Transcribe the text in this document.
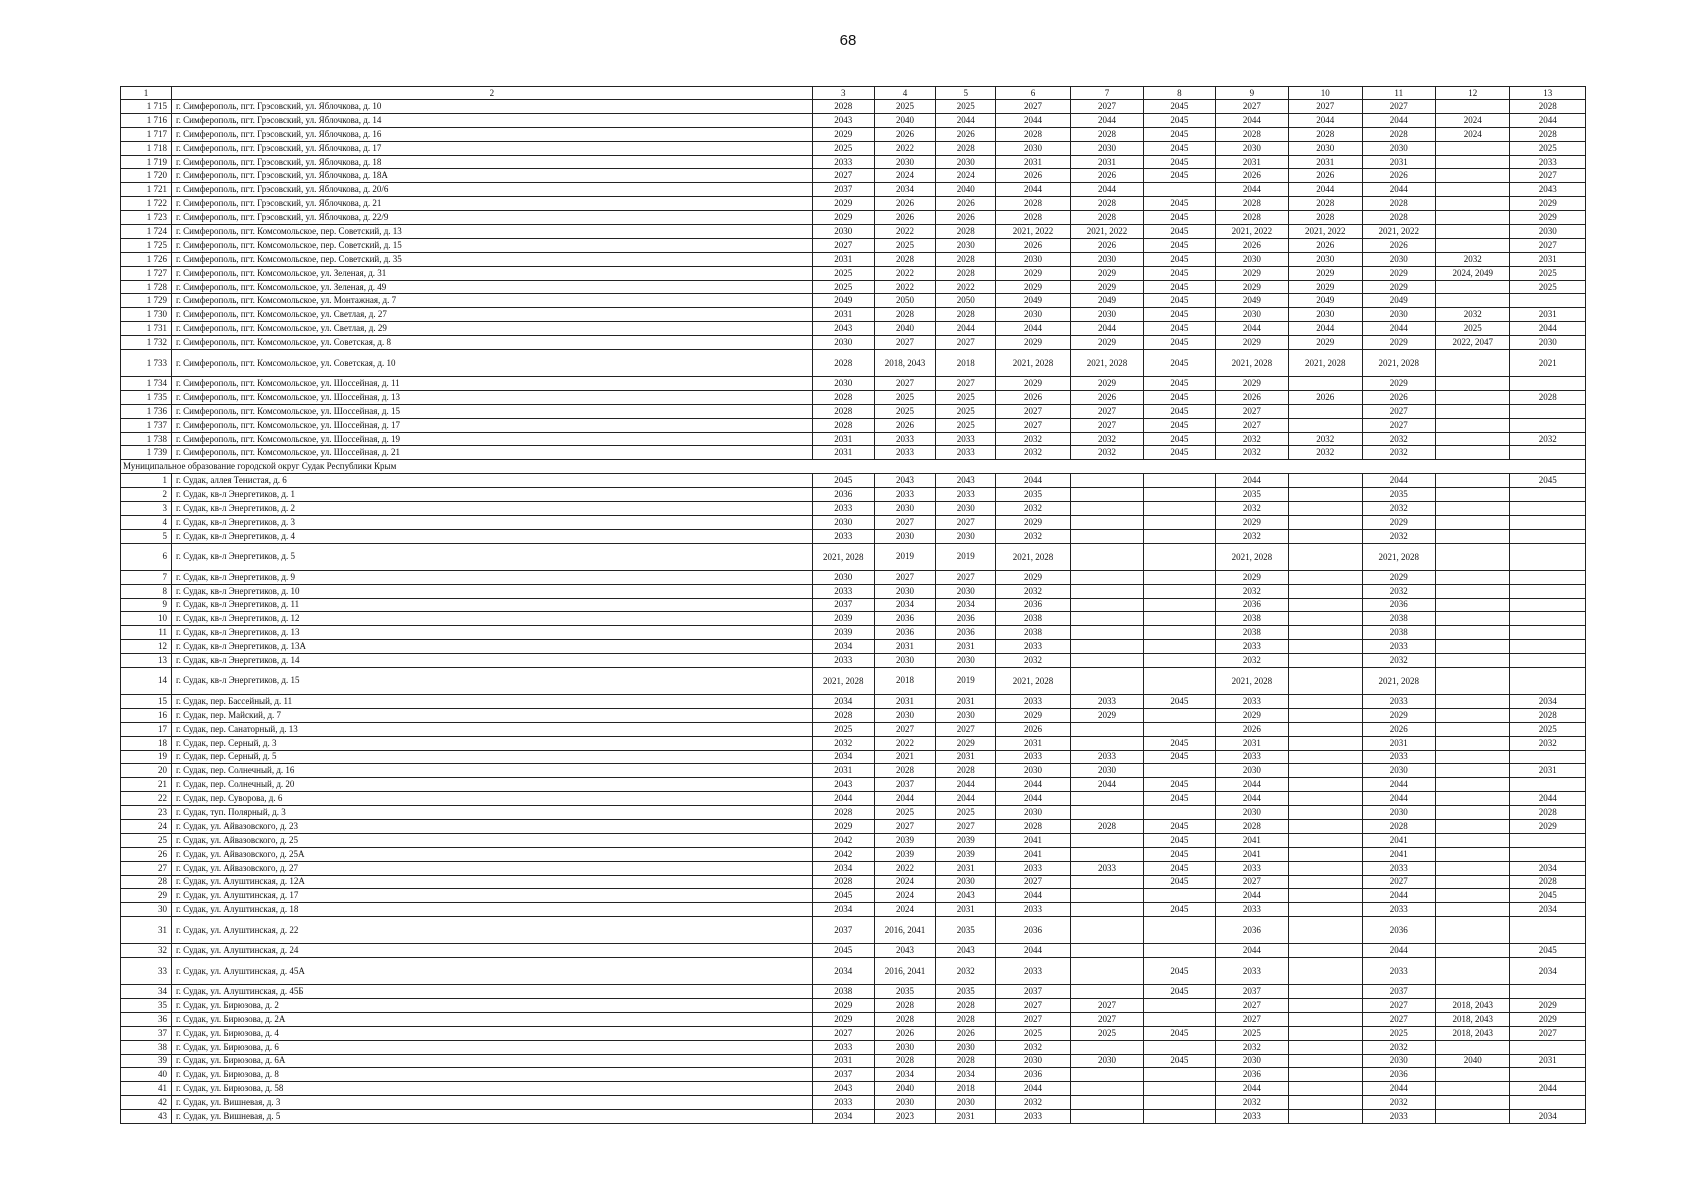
68
1	2	3	4	5	6	7	8	9	10	11	12	13
1 715	г. Симферополь, пгт. Грэсовский, ул. Яблочкова, д. 10	2028	2025	2025	2027	2027	2045	2027	2027	2027		2028
1 716	г. Симферополь, пгт. Грэсовский, ул. Яблочкова, д. 14	2043	2040	2044	2044	2044	2045	2044	2044	2044	2024	2044
1 717	г. Симферополь, пгт. Грэсовский, ул. Яблочкова, д. 16	2029	2026	2026	2028	2028	2045	2028	2028	2028	2024	2028
1 718	г. Симферополь, пгт. Грэсовский, ул. Яблочкова, д. 17	2025	2022	2028	2030	2030	2045	2030	2030	2030		2025
1 719	г. Симферополь, пгт. Грэсовский, ул. Яблочкова, д. 18	2033	2030	2030	2031	2031	2045	2031	2031	2031		2033
1 720	г. Симферополь, пгт. Грэсовский, ул. Яблочкова, д. 18А	2027	2024	2024	2026	2026	2045	2026	2026	2026		2027
1 721	г. Симферополь, пгт. Грэсовский, ул. Яблочкова, д. 20/6	2037	2034	2040	2044	2044		2044	2044	2044		2043
1 722	г. Симферополь, пгт. Грэсовский, ул. Яблочкова, д. 21	2029	2026	2026	2028	2028	2045	2028	2028	2028		2029
1 723	г. Симферополь, пгт. Грэсовский, ул. Яблочкова, д. 22/9	2029	2026	2026	2028	2028	2045	2028	2028	2028		2029
1 724	г. Симферополь, пгт. Комсомольское, пер. Советский, д. 13	2030	2022	2028	2021, 2022	2021, 2022	2045	2021, 2022	2021, 2022	2021, 2022		2030
1 725	г. Симферополь, пгт. Комсомольское, пер. Советский, д. 15	2027	2025	2030	2026	2026	2045	2026	2026	2026		2027
1 726	г. Симферополь, пгт. Комсомольское, пер. Советский, д. 35	2031	2028	2028	2030	2030	2045	2030	2030	2030	2032	2031
1 727	г. Симферополь, пгт. Комсомольское, ул. Зеленая, д. 31	2025	2022	2028	2029	2029	2045	2029	2029	2029	2024, 2049	2025
1 728	г. Симферополь, пгт. Комсомольское, ул. Зеленая, д. 49	2025	2022	2022	2029	2029	2045	2029	2029	2029		2025
1 729	г. Симферополь, пгт. Комсомольское, ул. Монтажная, д. 7	2049	2050	2050	2049	2049	2045	2049	2049	2049		
1 730	г. Симферополь, пгт. Комсомольское, ул. Светлая, д. 27	2031	2028	2028	2030	2030	2045	2030	2030	2030	2032	2031
1 731	г. Симферополь, пгт. Комсомольское, ул. Светлая, д. 29	2043	2040	2044	2044	2044	2045	2044	2044	2044	2025	2044
1 732	г. Симферополь, пгт. Комсомольское, ул. Советская, д. 8	2030	2027	2027	2029	2029	2045	2029	2029	2029	2022, 2047	2030
1 733	г. Симферополь, пгт. Комсомольское, ул. Советская, д. 10	2028	2018, 2043	2018	2021, 2028	2021, 2028	2045	2021, 2028	2021, 2028	2021, 2028		2021
1 734	г. Симферополь, пгт. Комсомольское, ул. Шоссейная, д. 11	2030	2027	2027	2029	2029	2045	2029		2029		
1 735	г. Симферополь, пгт. Комсомольское, ул. Шоссейная, д. 13	2028	2025	2025	2026	2026	2045	2026	2026	2026		2028
1 736	г. Симферополь, пгт. Комсомольское, ул. Шоссейная, д. 15	2028	2025	2025	2027	2027	2045	2027		2027		
1 737	г. Симферополь, пгт. Комсомольское, ул. Шоссейная, д. 17	2028	2026	2025	2027	2027	2045	2027		2027		
1 738	г. Симферополь, пгт. Комсомольское, ул. Шоссейная, д. 19	2031	2033	2033	2032	2032	2045	2032	2032	2032		2032
1 739	г. Симферополь, пгт. Комсомольское, ул. Шоссейная, д. 21	2031	2033	2033	2032	2032	2045	2032	2032	2032		
Муниципальное образование городской округ Судак Республики Крым												
1	г. Судак, аллея Тенистая, д. 6	2045	2043	2043	2044			2044		2044		2045
2	г. Судак, кв-л Энергетиков, д. 1	2036	2033	2033	2035			2035		2035		
3	г. Судак, кв-л Энергетиков, д. 2	2033	2030	2030	2032			2032		2032		
4	г. Судак, кв-л Энергетиков, д. 3	2030	2027	2027	2029			2029		2029		
5	г. Судак, кв-л Энергетиков, д. 4	2033	2030	2030	2032			2032		2032		
6	г. Судак, кв-л Энергетиков, д. 5	2021, 2028	2019	2019	2021, 2028			2021, 2028		2021, 2028		
7	г. Судак, кв-л Энергетиков, д. 9	2030	2027	2027	2029			2029		2029		
8	г. Судак, кв-л Энергетиков, д. 10	2033	2030	2030	2032			2032		2032		
9	г. Судак, кв-л Энергетиков, д. 11	2037	2034	2034	2036			2036		2036		
10	г. Судак, кв-л Энергетиков, д. 12	2039	2036	2036	2038			2038		2038		
11	г. Судак, кв-л Энергетиков, д. 13	2039	2036	2036	2038			2038		2038		
12	г. Судак, кв-л Энергетиков, д. 13А	2034	2031	2031	2033			2033		2033		
13	г. Судак, кв-л Энергетиков, д. 14	2033	2030	2030	2032			2032		2032		
14	г. Судак, кв-л Энергетиков, д. 15	2021, 2028	2018	2019	2021, 2028			2021, 2028		2021, 2028		
15	г. Судак, пер. Бассейный, д. 11	2034	2031	2031	2033	2033	2045	2033		2033		2034
16	г. Судак, пер. Майский, д. 7	2028	2030	2030	2029	2029		2029		2029		2028
17	г. Судак, пер. Санаторный, д. 13	2025	2027	2027	2026			2026		2026		2025
18	г. Судак, пер. Серный, д. 3	2032	2022	2029	2031		2045	2031		2031		2032
19	г. Судак, пер. Серный, д. 5	2034	2021	2031	2033	2033	2045	2033		2033		
20	г. Судак, пер. Солнечный, д. 16	2031	2028	2028	2030	2030		2030		2030		2031
21	г. Судак, пер. Солнечный, д. 20	2043	2037	2044	2044	2044	2045	2044		2044		
22	г. Судак, пер. Суворова, д. 6	2044	2044	2044	2044		2045	2044		2044		2044
23	г. Судак, туп. Полярный, д. 3	2028	2025	2025	2030			2030		2030		2028
24	г. Судак, ул. Айвазовского, д. 23	2029	2027	2027	2028	2028	2045	2028		2028		2029
25	г. Судак, ул. Айвазовского, д. 25	2042	2039	2039	2041		2045	2041		2041		
26	г. Судак, ул. Айвазовского, д. 25А	2042	2039	2039	2041		2045	2041		2041		
27	г. Судак, ул. Айвазовского, д. 27	2034	2022	2031	2033	2033	2045	2033		2033		2034
28	г. Судак, ул. Алуштинская, д. 12А	2028	2024	2030	2027		2045	2027		2027		2028
29	г. Судак, ул. Алуштинская, д. 17	2045	2024	2043	2044			2044		2044		2045
30	г. Судак, ул. Алуштинская, д. 18	2034	2024	2031	2033		2045	2033		2033		2034
31	г. Судак, ул. Алуштинская, д. 22	2037	2016, 2041	2035	2036			2036		2036		
32	г. Судак, ул. Алуштинская, д. 24	2045	2043	2043	2044			2044		2044		2045
33	г. Судак, ул. Алуштинская, д. 45А	2034	2016, 2041	2032	2033		2045	2033		2033		2034
34	г. Судак, ул. Алуштинская, д. 45Б	2038	2035	2035	2037		2045	2037		2037		
35	г. Судак, ул. Бирюзова, д. 2	2029	2028	2028	2027	2027		2027		2027	2018, 2043	2029
36	г. Судак, ул. Бирюзова, д. 2А	2029	2028	2028	2027	2027		2027		2027	2018, 2043	2029
37	г. Судак, ул. Бирюзова, д. 4	2027	2026	2026	2025	2025	2045	2025		2025	2018, 2043	2027
38	г. Судак, ул. Бирюзова, д. 6	2033	2030	2030	2032			2032		2032		
39	г. Судак, ул. Бирюзова, д. 6А	2031	2028	2028	2030	2030	2045	2030		2030	2040	2031
40	г. Судак, ул. Бирюзова, д. 8	2037	2034	2034	2036			2036		2036		
41	г. Судак, ул. Бирюзова, д. 58	2043	2040	2018	2044			2044		2044		2044
42	г. Судак, ул. Вишневая, д. 3	2033	2030	2030	2032			2032		2032		
43	г. Судак, ул. Вишневая, д. 5	2034	2023	2031	2033			2033		2033		2034
